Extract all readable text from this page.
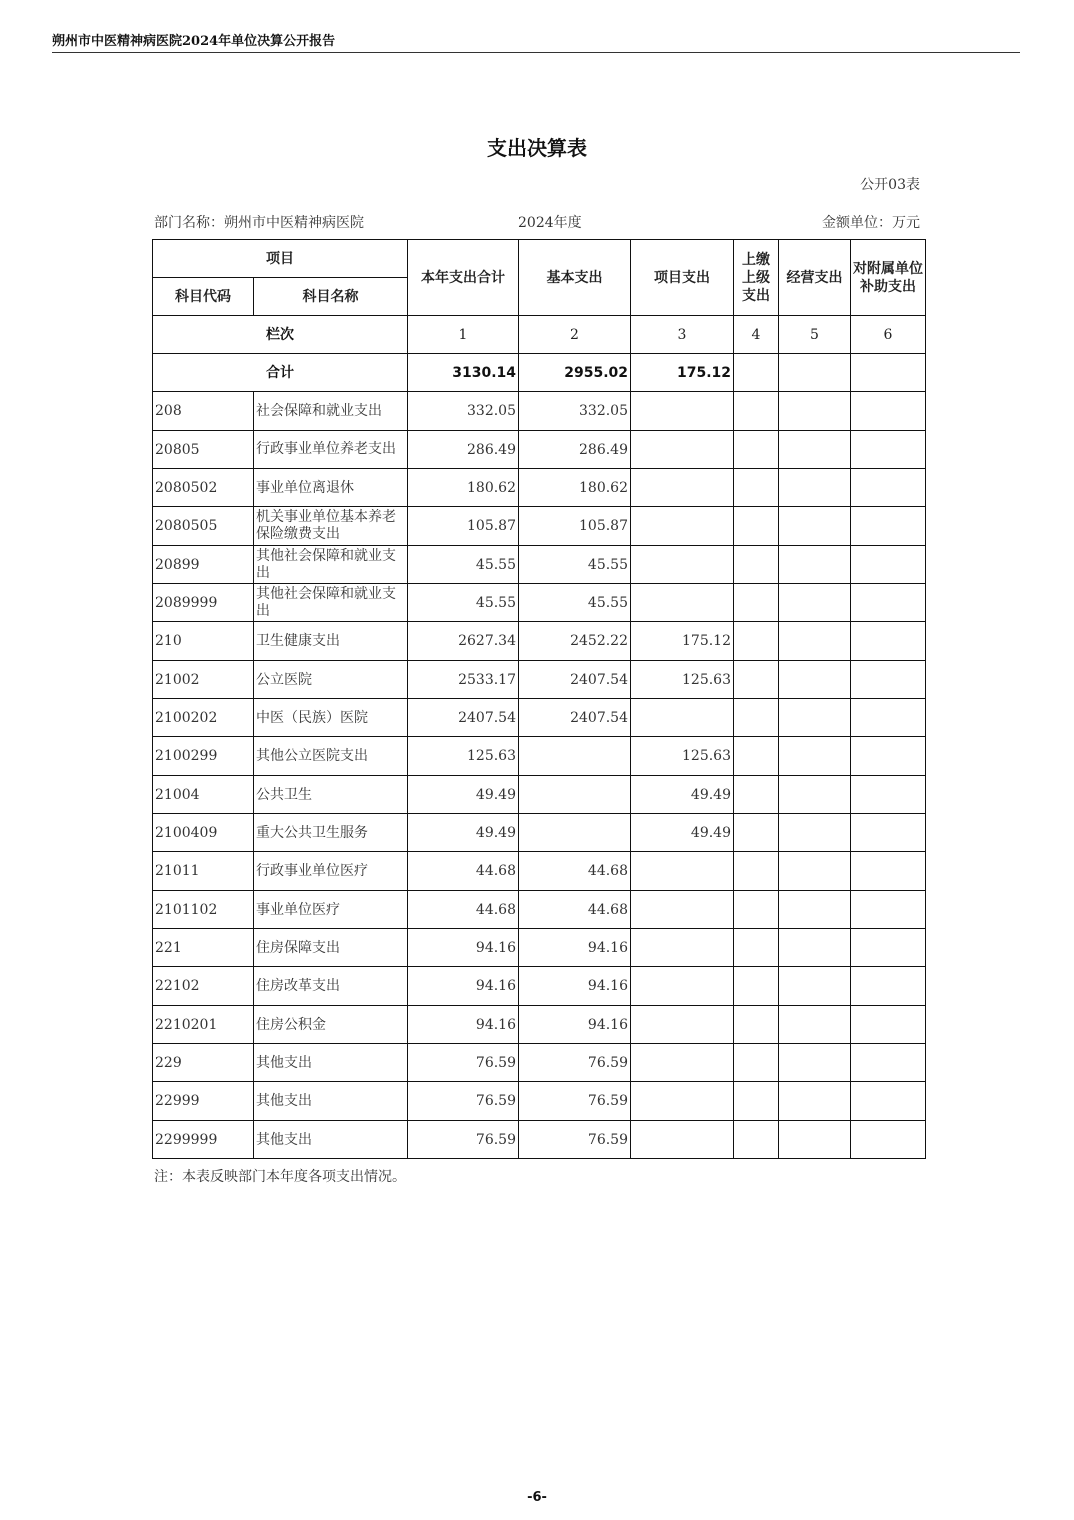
朔州市中医精神病医院2024年单位决算公开报告
支出决算表
公开03表
部门名称：朔州市中医精神病医院	2024年度	金额单位：万元
项目		本年支出合计	基本支出	项目支出	上缴上级支出	经营支出	对附属单位补助支出
科目代码	科目名称						
栏次		1	2	3	4	5	6
合计		3130.14	2955.02	175.12			
208	社会保障和就业支出	332.05	332.05				
20805	行政事业单位养老支出	286.49	286.49				
2080502	事业单位离退休	180.62	180.62				
2080505	机关事业单位基本养老保险缴费支出	105.87	105.87				
20899	其他社会保障和就业支出	45.55	45.55				
2089999	其他社会保障和就业支出	45.55	45.55				
210	卫生健康支出	2627.34	2452.22	175.12			
21002	公立医院	2533.17	2407.54	125.63			
2100202	中医（民族）医院	2407.54	2407.54				
2100299	其他公立医院支出	125.63		125.63			
21004	公共卫生	49.49		49.49			
2100409	重大公共卫生服务	49.49		49.49			
21011	行政事业单位医疗	44.68	44.68				
2101102	事业单位医疗	44.68	44.68				
221	住房保障支出	94.16	94.16				
22102	住房改革支出	94.16	94.16				
2210201	住房公积金	94.16	94.16				
229	其他支出	76.59	76.59				
22999	其他支出	76.59	76.59				
2299999	其他支出	76.59	76.59				
注：本表反映部门本年度各项支出情况。
-6-
